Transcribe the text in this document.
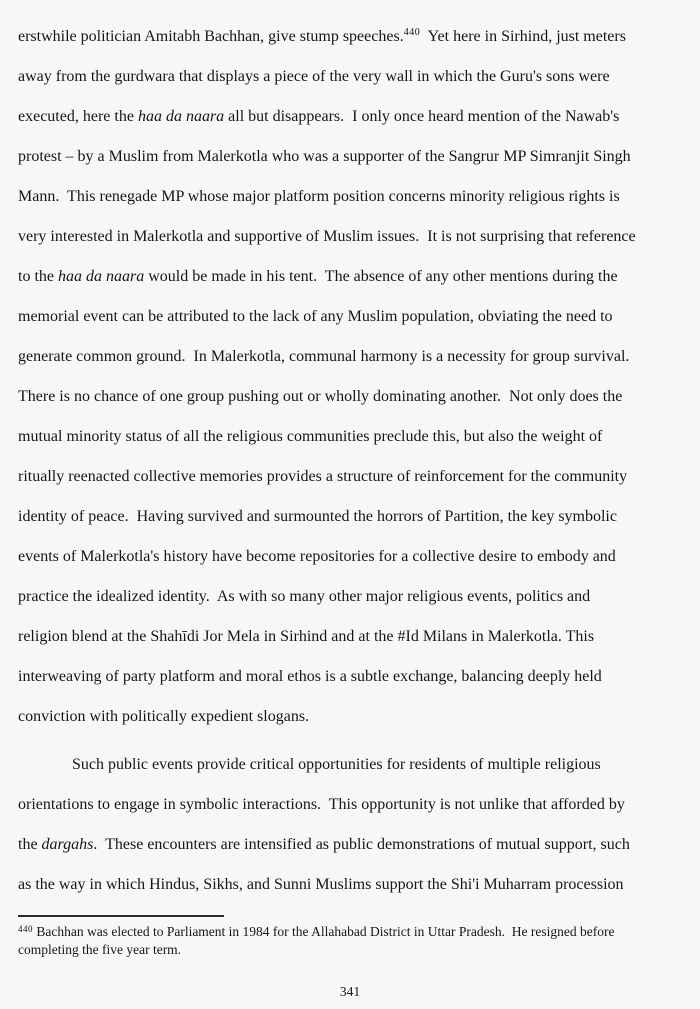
erstwhile politician Amitabh Bachhan, give stump speeches.$^{440}$  Yet here in Sirhind, just meters
away from the gurdwara that displays a piece of the very wall in which the Guru's sons were
executed, here the haa da naara all but disappears.  I only once heard mention of the Nawab's
protest – by a Muslim from Malerkotla who was a supporter of the Sangrur MP Simranjit Singh
Mann.  This renegade MP whose major platform position concerns minority religious rights is
very interested in Malerkotla and supportive of Muslim issues.  It is not surprising that reference
to the haa da naara would be made in his tent.  The absence of any other mentions during the
memorial event can be attributed to the lack of any Muslim population, obviating the need to
generate common ground.  In Malerkotla, communal harmony is a necessity for group survival.
There is no chance of one group pushing out or wholly dominating another.  Not only does the
mutual minority status of all the religious communities preclude this, but also the weight of
ritually reenacted collective memories provides a structure of reinforcement for the community
identity of peace.  Having survived and surmounted the horrors of Partition, the key symbolic
events of Malerkotla's history have become repositories for a collective desire to embody and
practice the idealized identity.  As with so many other major religious events, politics and
religion blend at the Shahīdi Jor Mela in Sirhind and at the #Id Milans in Malerkotla. This
interweaving of party platform and moral ethos is a subtle exchange, balancing deeply held
conviction with politically expedient slogans.
Such public events provide critical opportunities for residents of multiple religious
orientations to engage in symbolic interactions.  This opportunity is not unlike that afforded by
the dargahs.  These encounters are intensified as public demonstrations of mutual support, such
as the way in which Hindus, Sikhs, and Sunni Muslims support the Shi'i Muharram procession
$^{440}$ Bachhan was elected to Parliament in 1984 for the Allahabad District in Uttar Pradesh.  He resigned before
completing the five year term.
341
